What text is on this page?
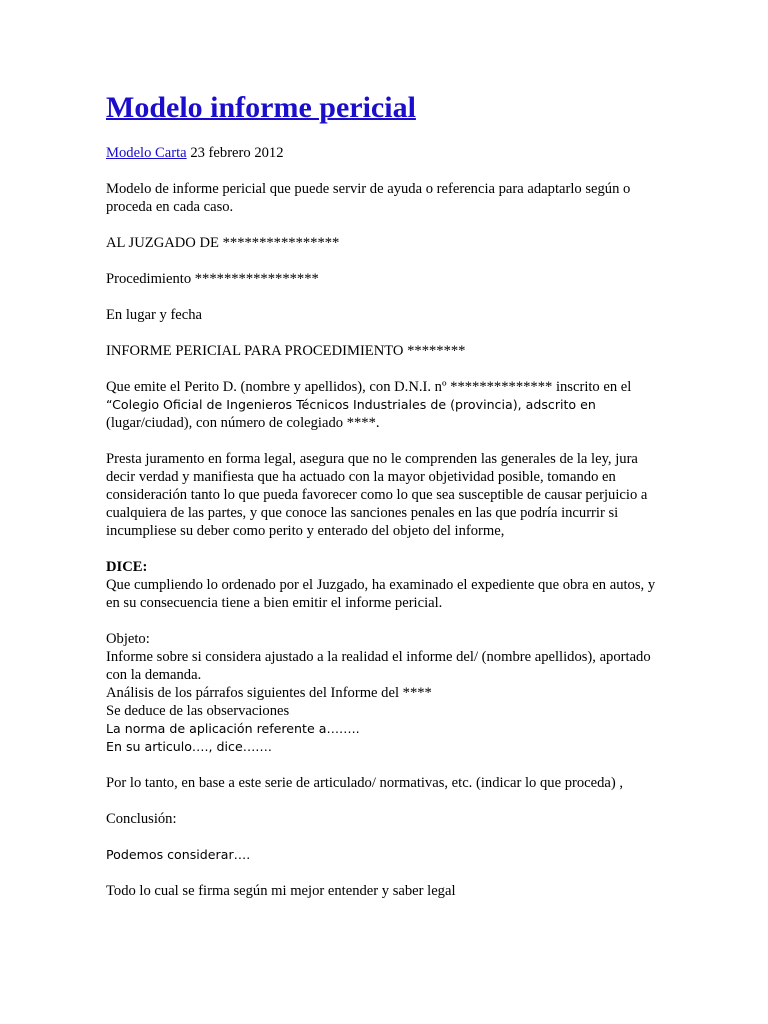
Modelo informe pericial

Modelo Carta 23 febrero 2012

Modelo de informe pericial que puede servir de ayuda o referencia para adaptarlo según o proceda en cada caso.

AL JUZGADO DE ****************

Procedimiento *****************

En lugar y fecha

INFORME PERICIAL PARA PROCEDIMIENTO ********

Que emite el Perito D. (nombre y apellidos), con D.N.I. nº ************** inscrito en el
“Colegio Oficial de Ingenieros Técnicos Industriales de (provincia), adscrito en
(lugar/ciudad), con número de colegiado ****.

Presta juramento en forma legal, asegura que no le comprenden las generales de la ley, jura decir verdad y manifiesta que ha actuado con la mayor objetividad posible, tomando en consideración tanto lo que pueda favorecer como lo que sea susceptible de causar perjuicio a cualquiera de las partes, y que conoce las sanciones penales en las que podría incurrir si incumpliese su deber como perito y enterado del objeto del informe,

DICE:
Que cumpliendo lo ordenado por el Juzgado, ha examinado el expediente que obra en autos, y en su consecuencia tiene a bien emitir el informe pericial.

Objeto:
Informe sobre si considera ajustado a la realidad el informe del/ (nombre apellidos), aportado con la demanda.
Análisis de los párrafos siguientes del Informe del ****
Se deduce de las observaciones
La norma de aplicación referente a……..
En su articulo…., dice…….

Por lo tanto, en base a este serie de articulado/ normativas, etc. (indicar lo que proceda) ,

Conclusión:

Podemos considerar….

Todo lo cual se firma según mi mejor entender y saber legal
